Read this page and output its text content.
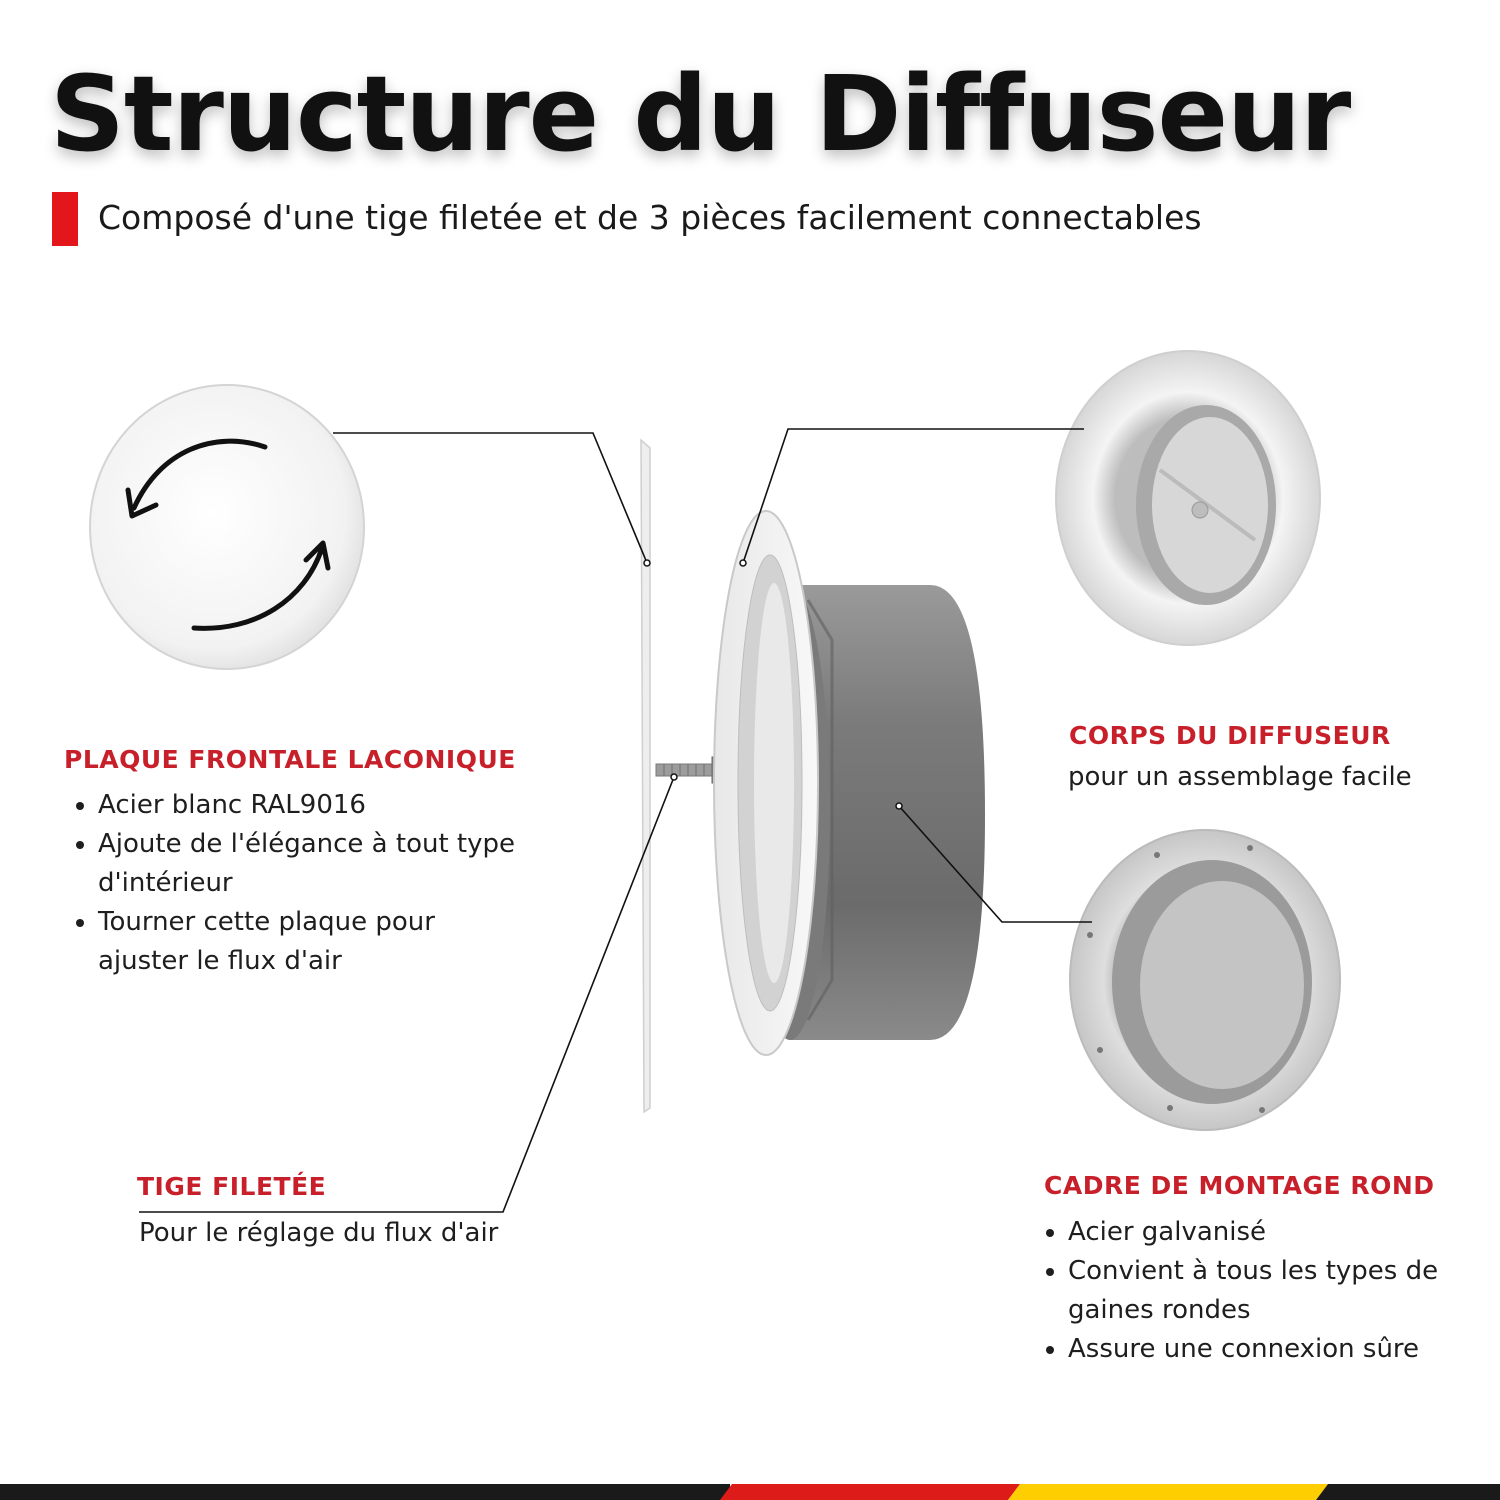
Structure du Diffuseur
Composé d'une tige filetée et de 3 pièces facilement connectables
PLAQUE FRONTALE LACONIQUE
• Acier blanc RAL9016
• Ajoute de l'élégance à tout type d'intérieur
• Tourner cette plaque pour ajuster le flux d'air
TIGE FILETÉE
Pour le réglage du flux d'air
CORPS DU DIFFUSEUR
pour un assemblage facile
CADRE DE MONTAGE ROND
• Acier galvanisé
• Convient à tous les types de gaines rondes
• Assure une connexion sûre
